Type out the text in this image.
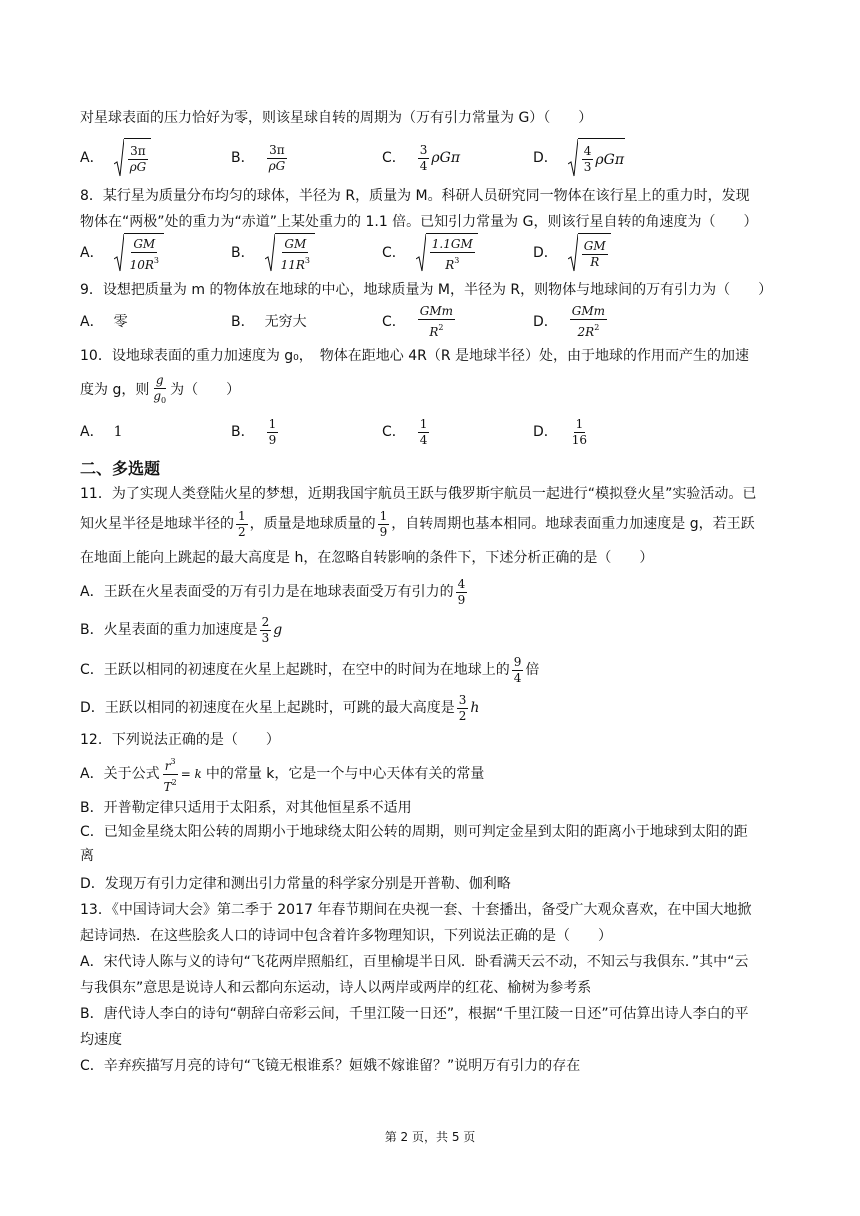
对星球表面的压力恰好为零，则该星球自转的周期为（万有引力常量为 G）（　　）
A． $\frac{3\pi}{\rho G}$	B． $\frac{3\pi}{\rho G}$	C． $\frac{3}{4}$ ρGπ	D． $\frac{4}{3}$ ρGπ
8．某行星为质量分布均匀的球体，半径为 R，质量为 M。科研人员研究同一物体在该行星上的重力时，发现
物体在“两极”处的重力为“赤道”上某处重力的 1.1 倍。已知引力常量为 G，则该行星自转的角速度为（　　）
A． $\frac{GM}{10R^3}$	B． $\frac{GM}{11R^3}$	C． $\frac{1.1GM}{R^3}$	D． $\frac{GM}{R}$
9．设想把质量为 m 的物体放在地球的中心，地球质量为 M，半径为 R，则物体与地球间的万有引力为（　　）
A． 零	B． 无穷大	C． $\frac{\text{GMm}}{R^2}$	D． $\frac{\text{GMm}}{2R^2}$
10．设地球表面的重力加速度为 g₀，　物体在距地心 4R（R 是地球半径）处，由于地球的作用而产生的加速
度为 g，则 $\frac{g}{g_0}$ 为（　　）
A． 1	B． $\frac{1}{9}$	C． $\frac{1}{4}$	D． $\frac{1}{16}$
二、多选题
11．为了实现人类登陆火星的梦想，近期我国宇航员王跃与俄罗斯宇航员一起进行“模拟登火星”实验活动。已
知火星半径是地球半径的 $\frac{1}{2}$ ，质量是地球质量的 $\frac{1}{9}$ ，自转周期也基本相同。地球表面重力加速度是 g，若王跃
在地面上能向上跳起的最大高度是 h，在忽略自转影响的条件下，下述分析正确的是（　　）
A．王跃在火星表面受的万有引力是在地球表面受万有引力的 $\frac{4}{9}$
B．火星表面的重力加速度是 $\frac{2}{3}$ g
C．王跃以相同的初速度在火星上起跳时，在空中的时间为在地球上的 $\frac{9}{4}$ 倍
D．王跃以相同的初速度在火星上起跳时，可跳的最大高度是 $\frac{3}{2}$ h
12．下列说法正确的是（　　）
A．关于公式 $\frac{r^3}{T^2} = k$ 中的常量 k，它是一个与中心天体有关的常量
B．开普勒定律只适用于太阳系，对其他恒星系不适用
C．已知金星绕太阳公转的周期小于地球绕太阳公转的周期，则可判定金星到太阳的距离小于地球到太阳的距
离
D．发现万有引力定律和测出引力常量的科学家分别是开普勒、伽利略
13．《中国诗词大会》第二季于 2017 年春节期间在央视一套、十套播出，备受广大观众喜欢，在中国大地掀
起诗词热．在这些脍炙人口的诗词中包含着许多物理知识，下列说法正确的是（　　）
A．宋代诗人陈与义的诗句“飞花两岸照船红，百里榆堤半日风．卧看满天云不动，不知云与我俱东．”其中“云
与我俱东”意思是说诗人和云都向东运动，诗人以两岸或两岸的红花、榆树为参考系
B．唐代诗人李白的诗句“朝辞白帝彩云间，千里江陵一日还”，根据“千里江陵一日还”可估算出诗人李白的平
均速度
C．辛弃疾描写月亮的诗句“飞镜无根谁系？姮娥不嫁谁留？”说明万有引力的存在
第 2 页，共 5 页
